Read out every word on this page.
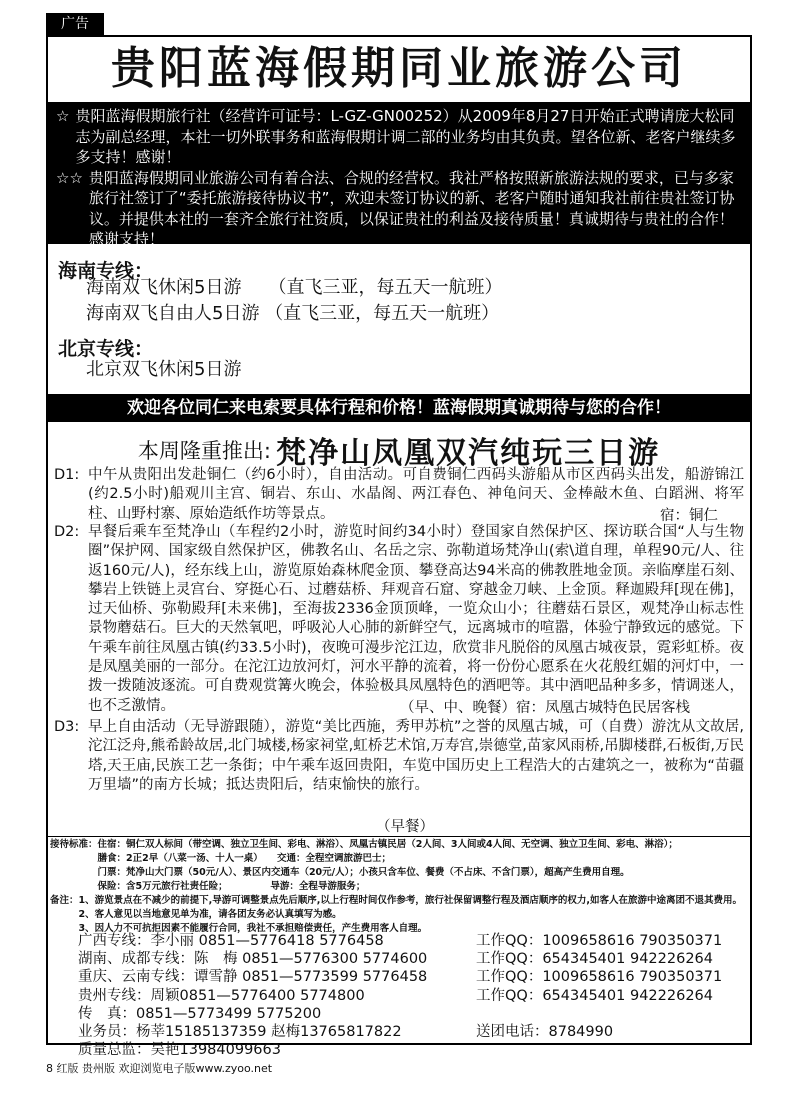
广告
贵阳蓝海假期同业旅游公司
☆ 贵阳蓝海假期旅行社（经营许可证号：L-GZ-GN00252）从2009年8月27日开始正式聘请庞大松同志为副总经理，本社一切外联事务和蓝海假期计调二部的业务均由其负责。望各位新、老客户继续多多支持！感谢！
☆☆ 贵阳蓝海假期同业旅游公司有着合法、合规的经营权。我社严格按照新旅游法规的要求，已与多家旅行社签订了“委托旅游接待协议书”，欢迎未签订协议的新、老客户随时通知我社前往贵社签订协议。并提供本社的一套齐全旅行社资质，以保证贵社的利益及接待质量！真诚期待与贵社的合作！感谢支持！
海南专线：
海南双飞休闲5日游　　（直飞三亚，每五天一航班）
海南双飞自由人5日游 （直飞三亚，每五天一航班）
北京专线：
北京双飞休闲5日游
欢迎各位同仁来电索要具体行程和价格！蓝海假期真诚期待与您的合作！
本周隆重推出: 梵净山凤凰双汽纯玩三日游
D1: 中午从贵阳出发赴铜仁（约6小时），自由活动。可自费铜仁西码头游船从市区西码头出发，船游锦江(约2.5小时)船观川主宫、铜岩、东山、水晶阁、两江春色、神龟问天、金棒敲木鱼、白蹈洲、将军柱、山野村寨、原始造纸作坊等景点。	宿：铜仁
D2: 早餐后乘车至梵净山（车程约2小时，游览时间约34小时）登国家自然保护区、探访联合国“人与生物圈”保护网、国家级自然保护区，佛教名山、名岳之宗、弥勒道场梵净山(索\道自理，单程90元/人、往返160元/人)，经东线上山，游览原始森林爬金顶、攀登高达94米高的佛教胜地金顶。亲临摩崖石刻、攀岩上铁链上灵宫台、穿挺心石、过蘑菇桥、拜观音石窟、穿越金刀峡、上金顶。释迦殿拜[现在佛]，过天仙桥、弥勒殿拜[未来佛]，至海拔2336金顶顶峰，一览众山小；往蘑菇石景区，观梵净山标志性景物蘑菇石。巨大的天然氧吧，呼吸沁人心肺的新鲜空气，远离城市的喧嚣，体验宁静致远的感觉。下午乘车前往凤凰古镇(约33.5小时)，夜晚可漫步沱江边，欣赏非凡脱俗的凤凰古城夜景，霓彩虹桥。夜是凤凰美丽的一部分。在沱江边放河灯，河水平静的流着，将一份份心愿系在火花般红媚的河灯中，一拨一拨随波逐流。可自费观赏篝火晚会，体验极具凤凰特色的酒吧等。其中酒吧品种多多，情调迷人，也不乏激情。	（早、中、晚餐）宿：凤凰古城特色民居客栈
D3: 早上自由活动（无导游跟随），游览“美比西施，秀甲苏杭”之誉的凤凰古城，可（自费）游沈从文故居,沱江泛舟,熊希龄故居,北门城楼,杨家祠堂,虹桥艺术馆,万寿宫,崇德堂,苗家风雨桥,吊脚楼群,石板街,万民塔,天王庙,民族工艺一条街；中午乘车返回贵阳，车览中国历史上工程浩大的古建筑之一，被称为“苗疆万里墙”的南方长城；抵达贵阳后，结束愉快的旅行。
（早餐）
接待标准：住宿：铜仁双人标间（带空调、独立卫生间、彩电、淋浴）、凤凰古镇民居（2人间、3人间或4人间、无空调、独立卫生间、彩电、淋浴）；
　　　　　膳食：2正2早（八菜一汤、十人一桌）　　交通：全程空调旅游巴士；
　　　　　门票：梵净山大门票（50元/人）、景区内交通车（20元/人）；小孩只含车位、餐费（不占床、不含门票），超高产生费用自理。
　　　　　保险：含5万元旅行社责任险；　　　　　导游：全程导游服务；
备注：1、游览景点在不减少的前提下,导游可调整景点先后顺序,以上行程时间仅作参考，旅行社保留调整行程及酒店顺序的权力,如客人在旅游中途离团不退其费用。
　　　2、客人意见以当地意见单为准，请各团友务必认真填写为感。
　　　3、因人力不可抗拒因素不能履行合同，我社不承担赔偿责任，产生费用客人自理。
广西专线：李小丽 0851—5776418 5776458	工作QQ：1009658616 790350371
湖南、成都专线：陈　梅 0851—5776300 5774600	工作QQ：654345401 942226264
重庆、云南专线：谭雪静 0851—5773599 5776458	工作QQ：1009658616 790350371
贵州专线：周颖0851—5776400 5774800	工作QQ：654345401 942226264
传　真：0851—5773499 5775200
业务员：杨莘15185137359 赵梅13765817822	送团电话：8784990
质量总监：吴艳13984099663
8 红版 贵州版 欢迎浏览电子版www.zyoo.net
